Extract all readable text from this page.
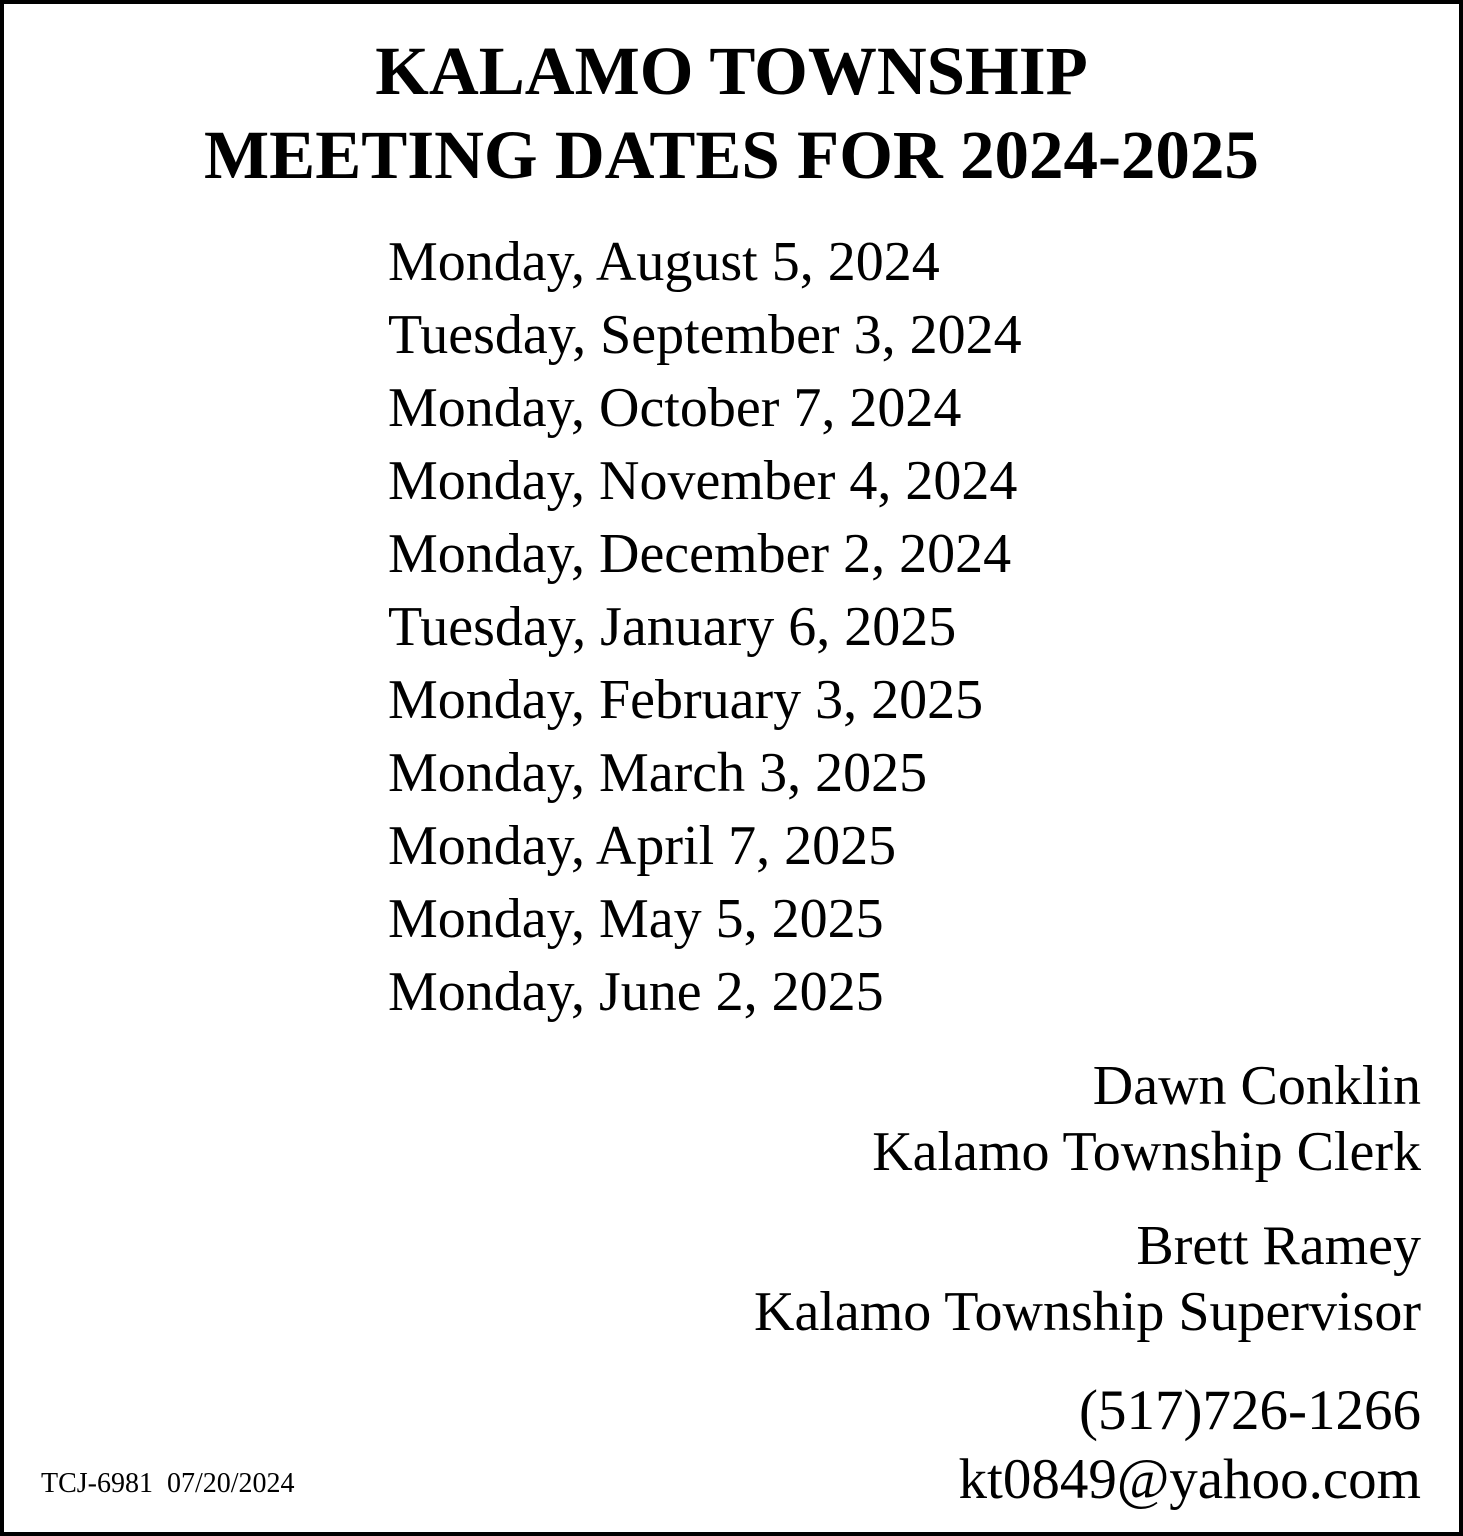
KALAMO TOWNSHIP
MEETING DATES FOR 2024-2025
Monday, August 5, 2024
Tuesday, September 3, 2024
Monday, October 7, 2024
Monday, November 4, 2024
Monday, December 2, 2024
Tuesday, January 6, 2025
Monday, February 3, 2025
Monday, March 3, 2025
Monday, April 7, 2025
Monday, May 5, 2025
Monday, June 2, 2025
Dawn Conklin
Kalamo Township Clerk
Brett Ramey
Kalamo Township Supervisor
(517)726-1266
kt0849@yahoo.com
TCJ-6981  07/20/2024
